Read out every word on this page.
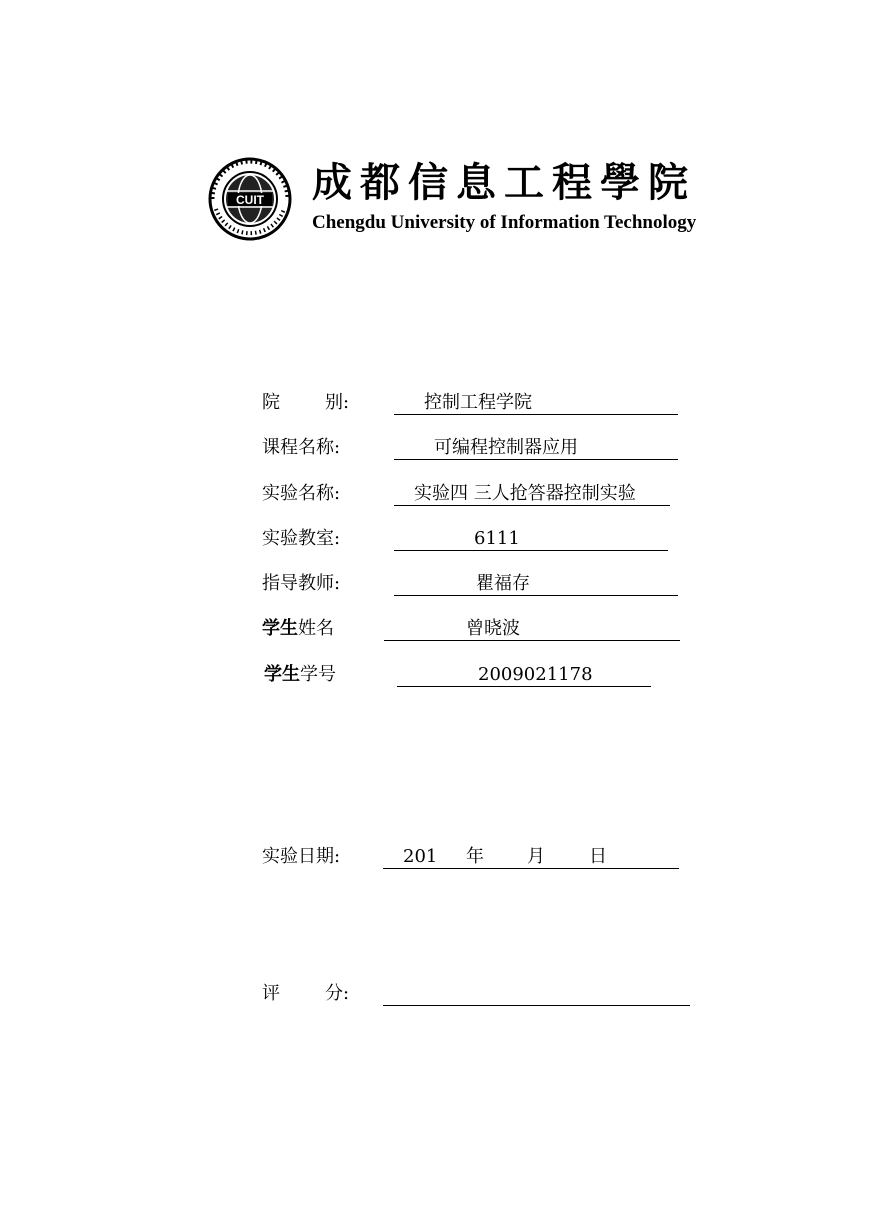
CUIT 成都信息工程學院
Chengdu University of Information Technology
院	别:	控制工程学院
课程名称:	可编程控制器应用
实验名称:	实验四 三人抢答器控制实验
实验教室:	6111
指导教师:	瞿福存
学生姓名	曾晓波
学生学号	2009021178
实验日期:	201 年 月 日
评	分:
